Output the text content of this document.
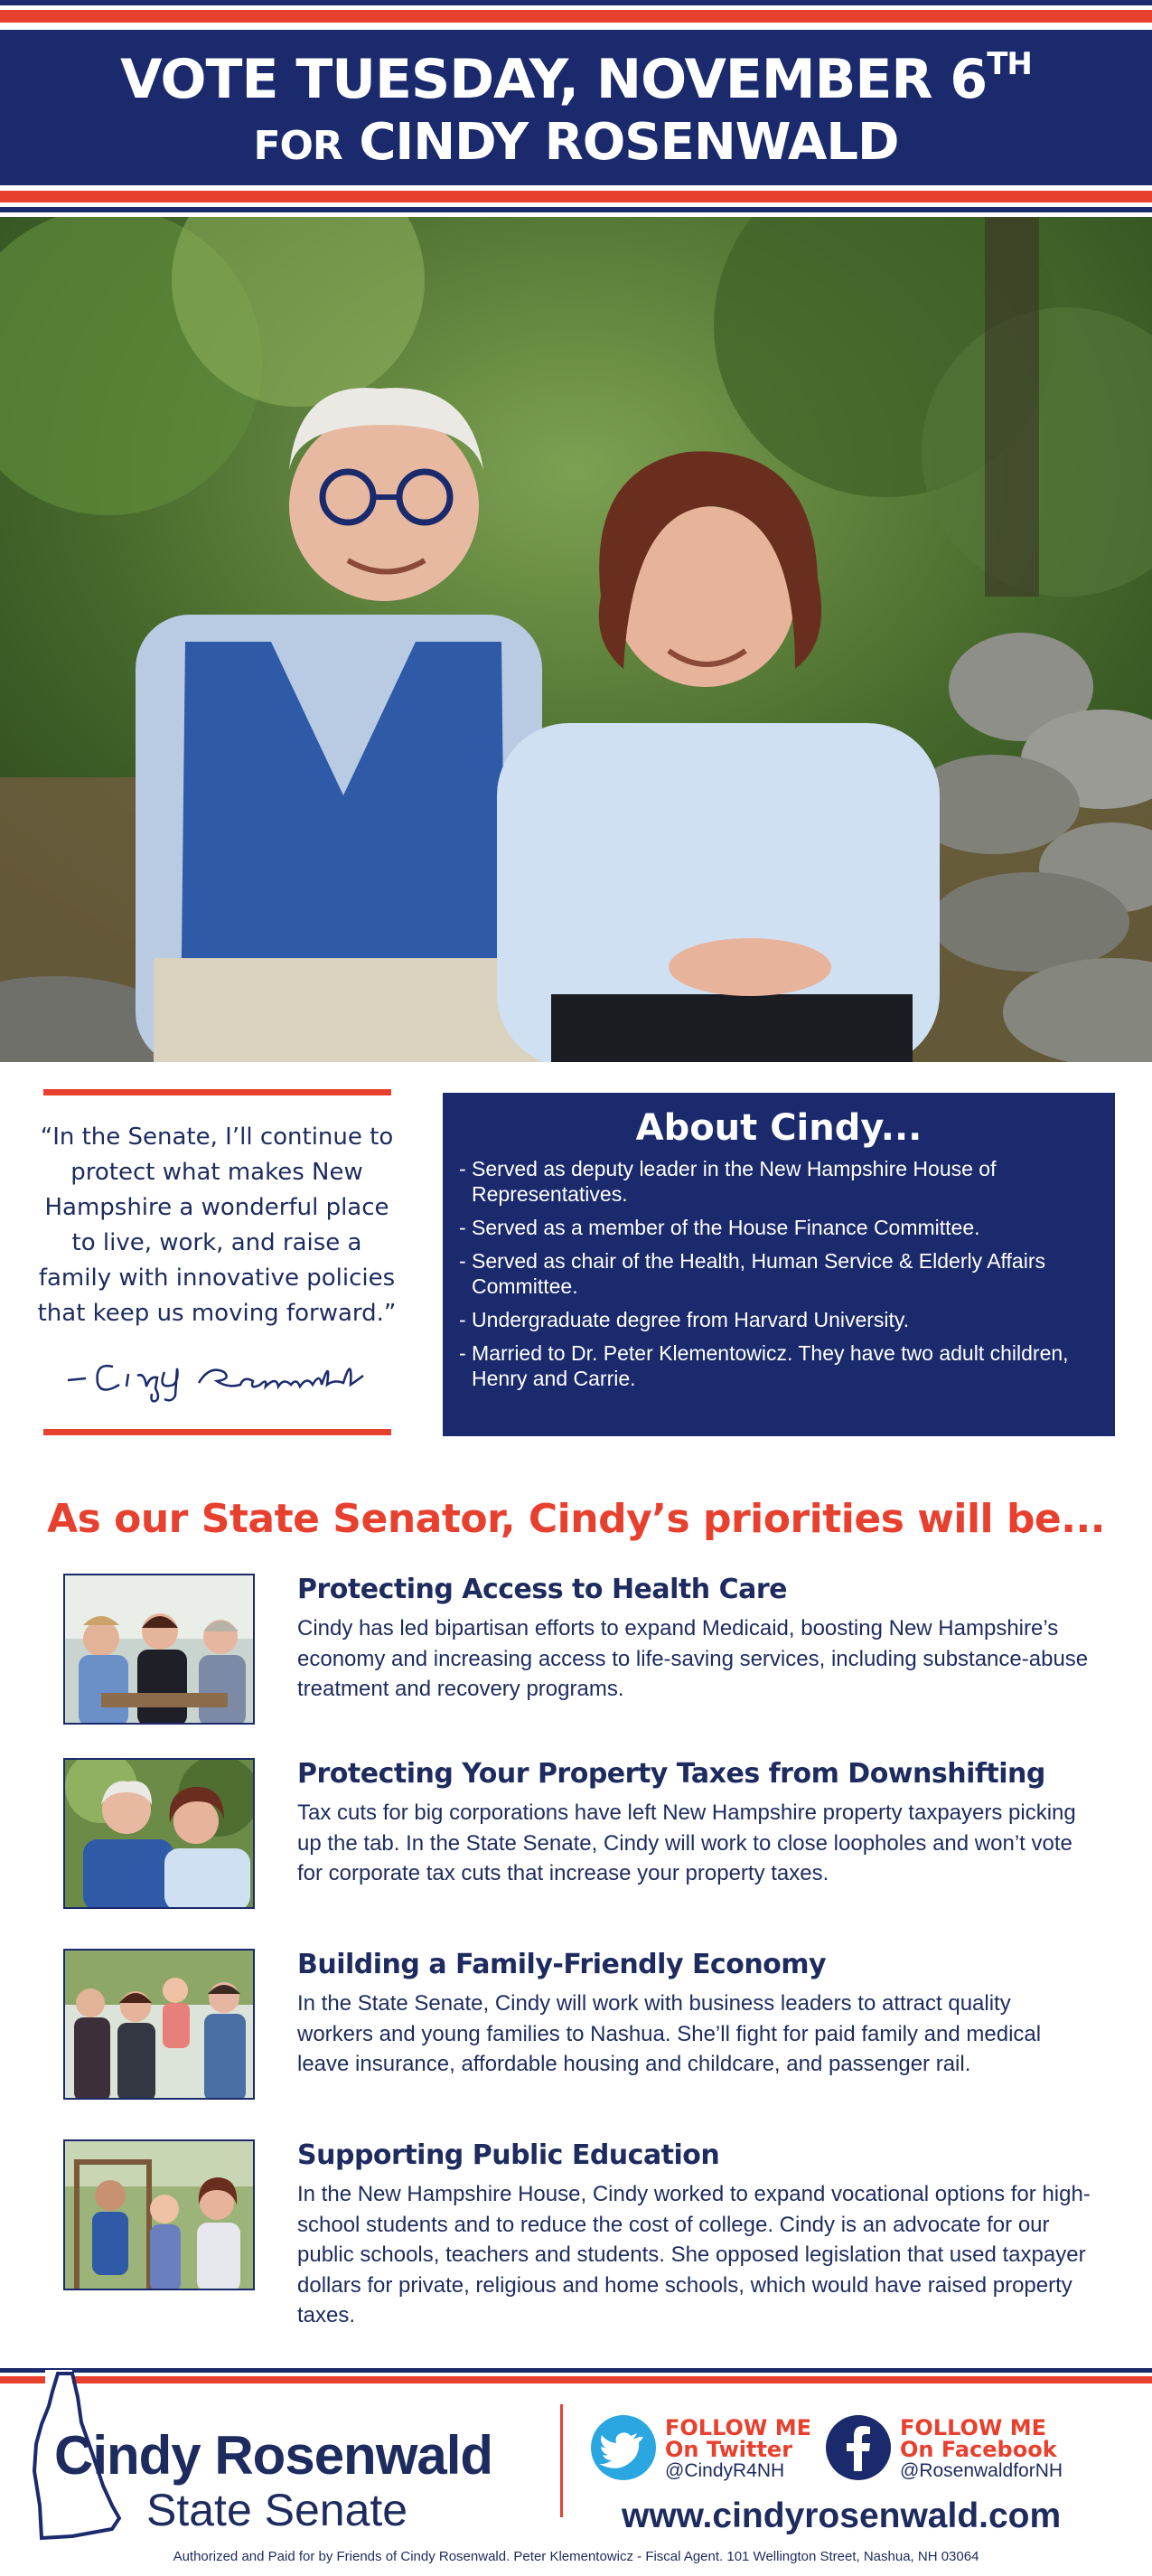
VOTE TUESDAY, NOVEMBER 6TH
FOR CINDY ROSENWALD
“In the Senate, I’ll continue to protect what makes New Hampshire a wonderful place to live, work, and raise a family with innovative policies that keep us moving forward.”
About Cindy...
- Served as deputy leader in the New Hampshire House of Representatives.
- Served as a member of the House Finance Committee.
- Served as chair of the Health, Human Service & Elderly Affairs Committee.
- Undergraduate degree from Harvard University.
- Married to Dr. Peter Klementowicz. They have two adult children, Henry and Carrie.
As our State Senator, Cindy’s priorities will be...
Protecting Access to Health Care
Cindy has led bipartisan efforts to expand Medicaid, boosting New Hampshire’s economy and increasing access to life-saving services, including substance-abuse treatment and recovery programs.
Protecting Your Property Taxes from Downshifting
Tax cuts for big corporations have left New Hampshire property taxpayers picking up the tab. In the State Senate, Cindy will work to close loopholes and won’t vote for corporate tax cuts that increase your property taxes.
Building a Family-Friendly Economy
In the State Senate, Cindy will work with business leaders to attract quality workers and young families to Nashua. She’ll fight for paid family and medical leave insurance, affordable housing and childcare, and passenger rail.
Supporting Public Education
In the New Hampshire House, Cindy worked to expand vocational options for high-school students and to reduce the cost of college. Cindy is an advocate for our public schools, teachers and students. She opposed legislation that used taxpayer dollars for private, religious and home schools, which would have raised property taxes.
Cindy Rosenwald
State Senate
FOLLOW ME
On Twitter
@CindyR4NH
FOLLOW ME
On Facebook
@RosenwaldforNH
www.cindyrosenwald.com
Authorized and Paid for by Friends of Cindy Rosenwald. Peter Klementowicz - Fiscal Agent. 101 Wellington Street, Nashua, NH 03064
